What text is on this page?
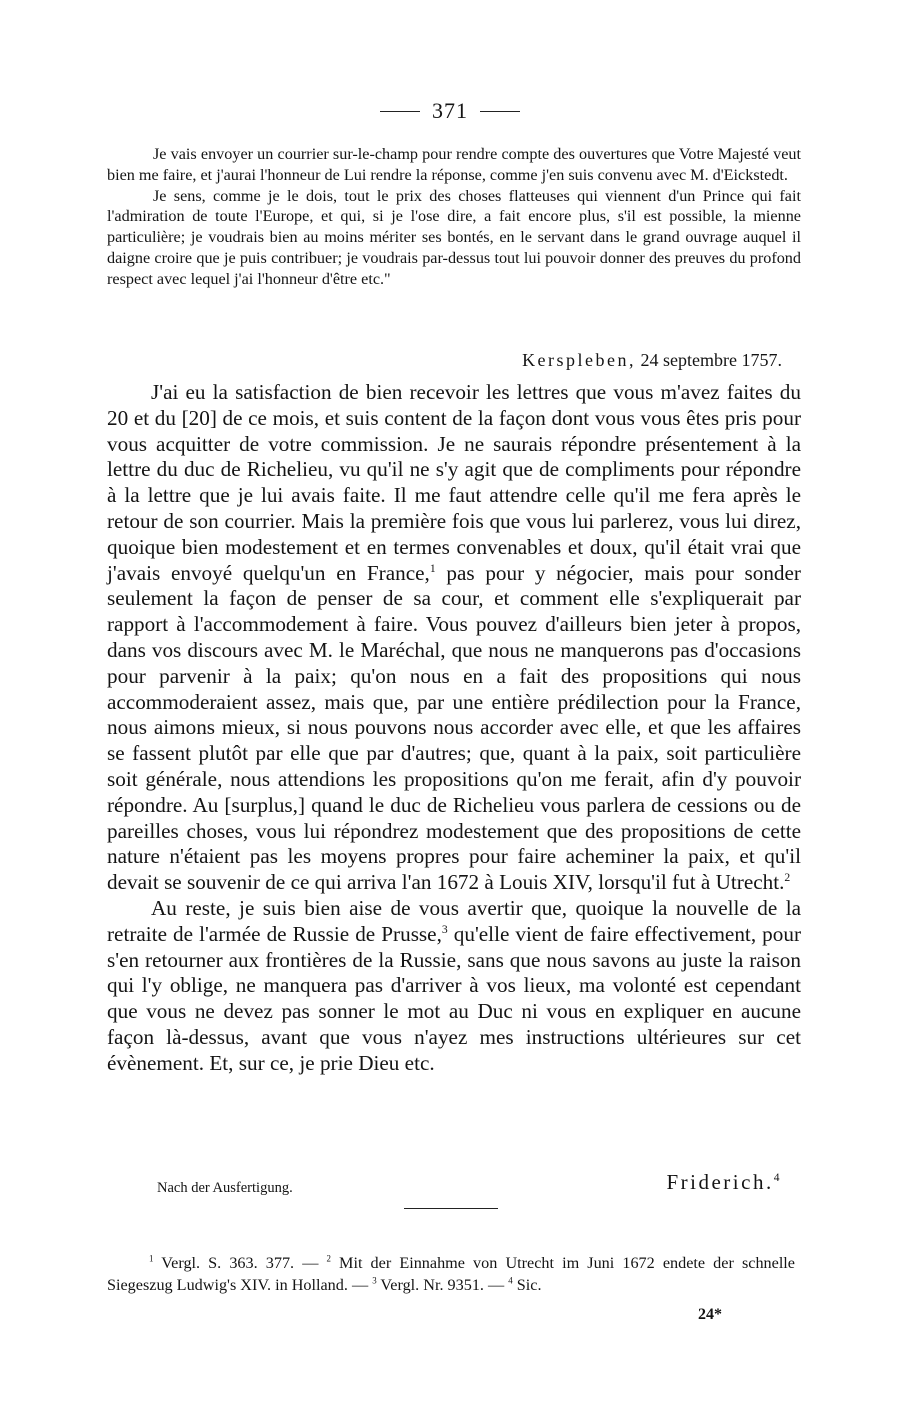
371

Je vais envoyer un courrier sur-le-champ pour rendre compte des ouvertures que Votre Majesté veut bien me faire, et j'aurai l'honneur de Lui rendre la réponse, comme j'en suis convenu avec M. d'Eickstedt.

Je sens, comme je le dois, tout le prix des choses flatteuses qui viennent d'un Prince qui fait l'admiration de toute l'Europe, et qui, si je l'ose dire, a fait encore plus, s'il est possible, la mienne particulière; je voudrais bien au moins mériter ses bontés, en le servant dans le grand ouvrage auquel il daigne croire que je puis contribuer; je voudrais par-dessus tout lui pouvoir donner des preuves du profond respect avec lequel j'ai l'honneur d'être etc."

Kerspleben, 24 septembre 1757.

J'ai eu la satisfaction de bien recevoir les lettres que vous m'avez faites du 20 et du [20] de ce mois, et suis content de la façon dont vous vous êtes pris pour vous acquitter de votre commission. Je ne saurais répondre présentement à la lettre du duc de Richelieu, vu qu'il ne s'y agit que de compliments pour répondre à la lettre que je lui avais faite. Il me faut attendre celle qu'il me fera après le retour de son courrier. Mais la première fois que vous lui parlerez, vous lui direz, quoique bien modestement et en termes convenables et doux, qu'il était vrai que j'avais envoyé quelqu'un en France,$^1$ pas pour y négocier, mais pour sonder seulement la façon de penser de sa cour, et comment elle s'expliquerait par rapport à l'accommodement à faire. Vous pouvez d'ailleurs bien jeter à propos, dans vos discours avec M. le Maréchal, que nous ne manquerons pas d'occasions pour parvenir à la paix; qu'on nous en a fait des propositions qui nous accommoderaient assez, mais que, par une entière prédilection pour la France, nous aimons mieux, si nous pouvons nous accorder avec elle, et que les affaires se fassent plutôt par elle que par d'autres; que, quant à la paix, soit particulière soit générale, nous attendions les propositions qu'on me ferait, afin d'y pouvoir répondre. Au [surplus,] quand le duc de Richelieu vous parlera de cessions ou de pareilles choses, vous lui répondrez modestement que des propositions de cette nature n'étaient pas les moyens propres pour faire acheminer la paix, et qu'il devait se souvenir de ce qui arriva l'an 1672 à Louis XIV, lorsqu'il fut à Utrecht.$^2$

Au reste, je suis bien aise de vous avertir que, quoique la nouvelle de la retraite de l'armée de Russie de Prusse,$^3$ qu'elle vient de faire effectivement, pour s'en retourner aux frontières de la Russie, sans que nous savons au juste la raison qui l'y oblige, ne manquera pas d'arriver à vos lieux, ma volonté est cependant que vous ne devez pas sonner le mot au Duc ni vous en expliquer en aucune façon là-dessus, avant que vous n'ayez mes instructions ultérieures sur cet évènement. Et, sur ce, je prie Dieu etc.

Nach der Ausfertigung.	Friderich.$^4$

$^1$ Vergl. S. 363. 377. — $^2$ Mit der Einnahme von Utrecht im Juni 1672 endete der schnelle Siegeszug Ludwig's XIV. in Holland. — $^3$ Vergl. Nr. 9351. — $^4$ Sic.

24*
